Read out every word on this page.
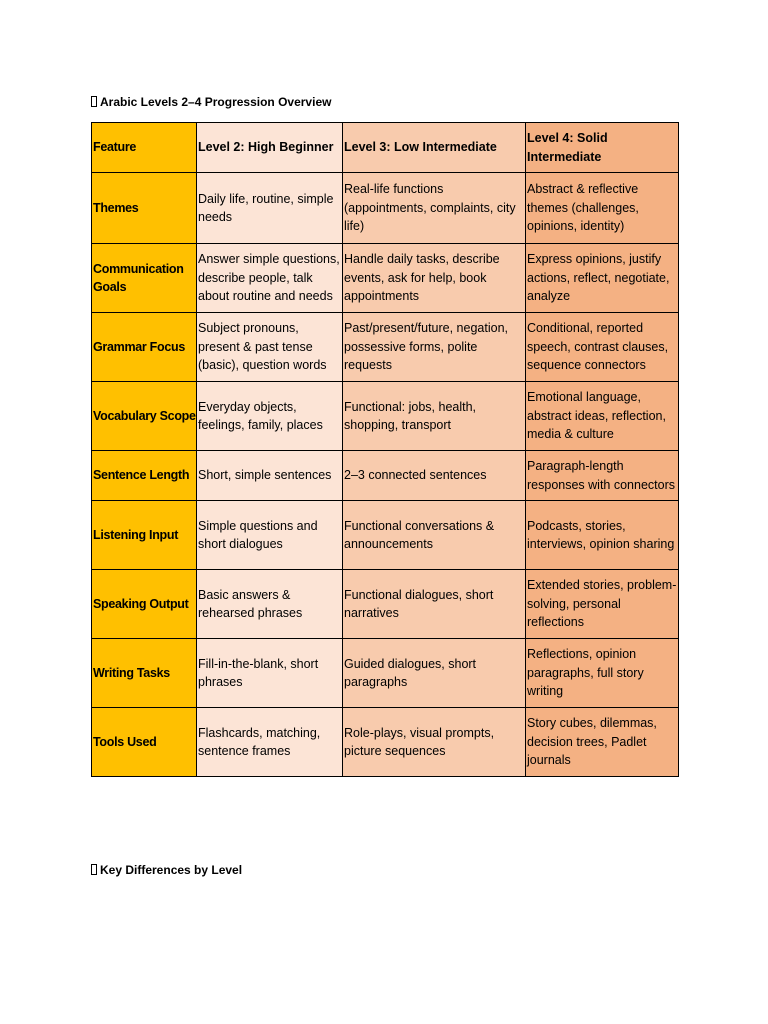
Arabic Levels 2–4 Progression Overview
Feature	Level 2: High Beginner	Level 3: Low Intermediate	Level 4: Solid Intermediate
Themes	Daily life, routine, simple needs	Real-life functions (appointments, complaints, city life)	Abstract & reflective themes (challenges, opinions, identity)
Communication Goals	Answer simple questions, describe people, talk about routine and needs	Handle daily tasks, describe events, ask for help, book appointments	Express opinions, justify actions, reflect, negotiate, analyze
Grammar Focus	Subject pronouns, present & past tense (basic), question words	Past/present/future, negation, possessive forms, polite requests	Conditional, reported speech, contrast clauses, sequence connectors
Vocabulary Scope	Everyday objects, feelings, family, places	Functional: jobs, health, shopping, transport	Emotional language, abstract ideas, reflection, media & culture
Sentence Length	Short, simple sentences	2–3 connected sentences	Paragraph-length responses with connectors
Listening Input	Simple questions and short dialogues	Functional conversations & announcements	Podcasts, stories, interviews, opinion sharing
Speaking Output	Basic answers & rehearsed phrases	Functional dialogues, short narratives	Extended stories, problem-solving, personal reflections
Writing Tasks	Fill-in-the-blank, short phrases	Guided dialogues, short paragraphs	Reflections, opinion paragraphs, full story writing
Tools Used	Flashcards, matching, sentence frames	Role-plays, visual prompts, picture sequences	Story cubes, dilemmas, decision trees, Padlet journals
Key Differences by Level
